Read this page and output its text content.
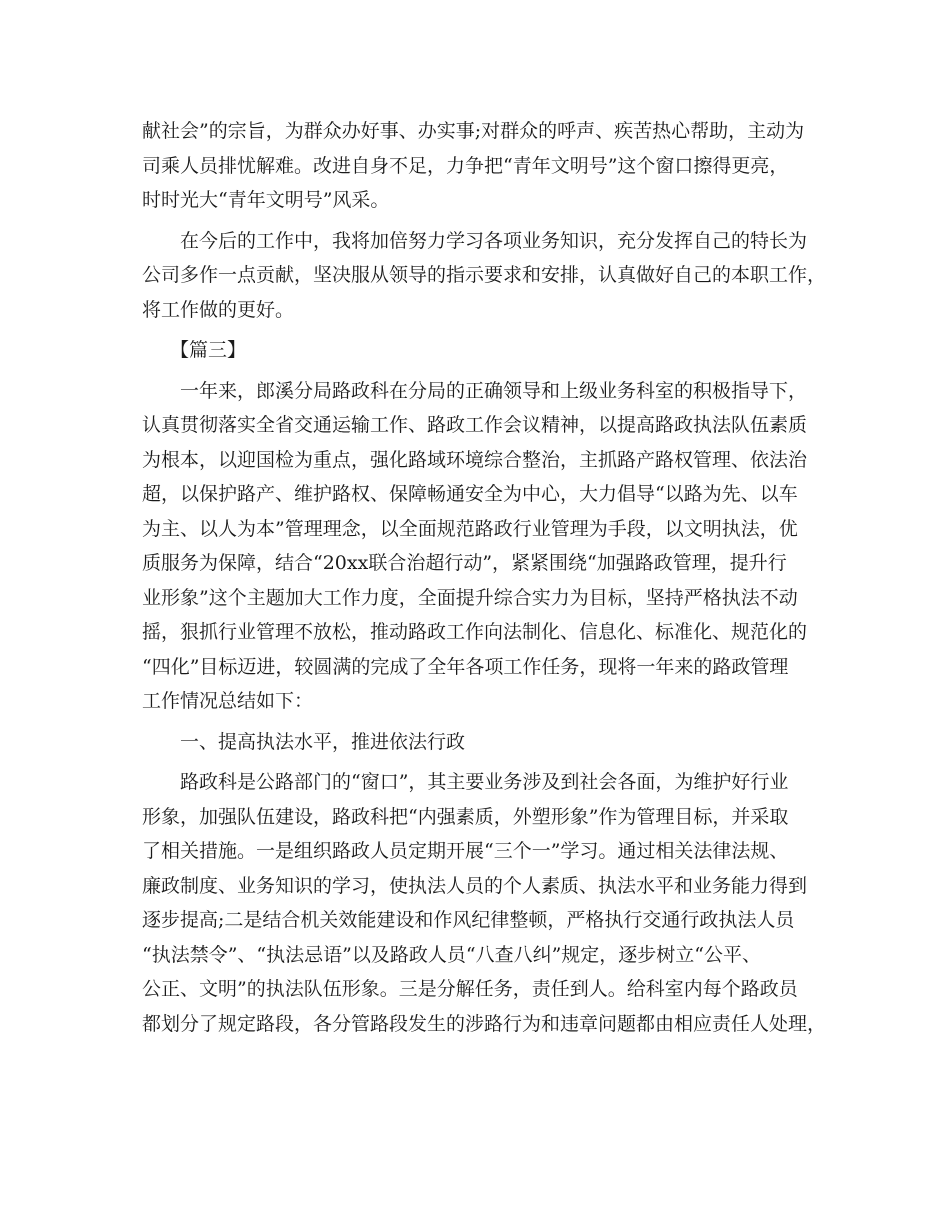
献社会”的宗旨，为群众办好事、办实事;对群众的呼声、疾苦热心帮助，主动为
司乘人员排忧解难。改进自身不足，力争把“青年文明号”这个窗口擦得更亮，
时时光大“青年文明号”风采。
在今后的工作中，我将加倍努力学习各项业务知识，充分发挥自己的特长为
公司多作一点贡献，坚决服从领导的指示要求和安排，认真做好自己的本职工作，
将工作做的更好。
【篇三】
一年来，郎溪分局路政科在分局的正确领导和上级业务科室的积极指导下，
认真贯彻落实全省交通运输工作、路政工作会议精神，以提高路政执法队伍素质
为根本，以迎国检为重点，强化路域环境综合整治，主抓路产路权管理、依法治
超，以保护路产、维护路权、保障畅通安全为中心，大力倡导“以路为先、以车
为主、以人为本”管理理念，以全面规范路政行业管理为手段，以文明执法，优
质服务为保障，结合“20xx联合治超行动”，紧紧围绕“加强路政管理，提升行
业形象”这个主题加大工作力度，全面提升综合实力为目标，坚持严格执法不动
摇，狠抓行业管理不放松，推动路政工作向法制化、信息化、标准化、规范化的
“四化”目标迈进，较圆满的完成了全年各项工作任务，现将一年来的路政管理
工作情况总结如下：
一、提高执法水平，推进依法行政
路政科是公路部门的“窗口”，其主要业务涉及到社会各面，为维护好行业
形象，加强队伍建设，路政科把“内强素质，外塑形象”作为管理目标，并采取
了相关措施。一是组织路政人员定期开展“三个一”学习。通过相关法律法规、
廉政制度、业务知识的学习，使执法人员的个人素质、执法水平和业务能力得到
逐步提高;二是结合机关效能建设和作风纪律整顿，严格执行交通行政执法人员
“执法禁令”、“执法忌语”以及路政人员“八查八纠”规定，逐步树立“公平、
公正、文明”的执法队伍形象。三是分解任务，责任到人。给科室内每个路政员
都划分了规定路段，各分管路段发生的涉路行为和违章问题都由相应责任人处理，
